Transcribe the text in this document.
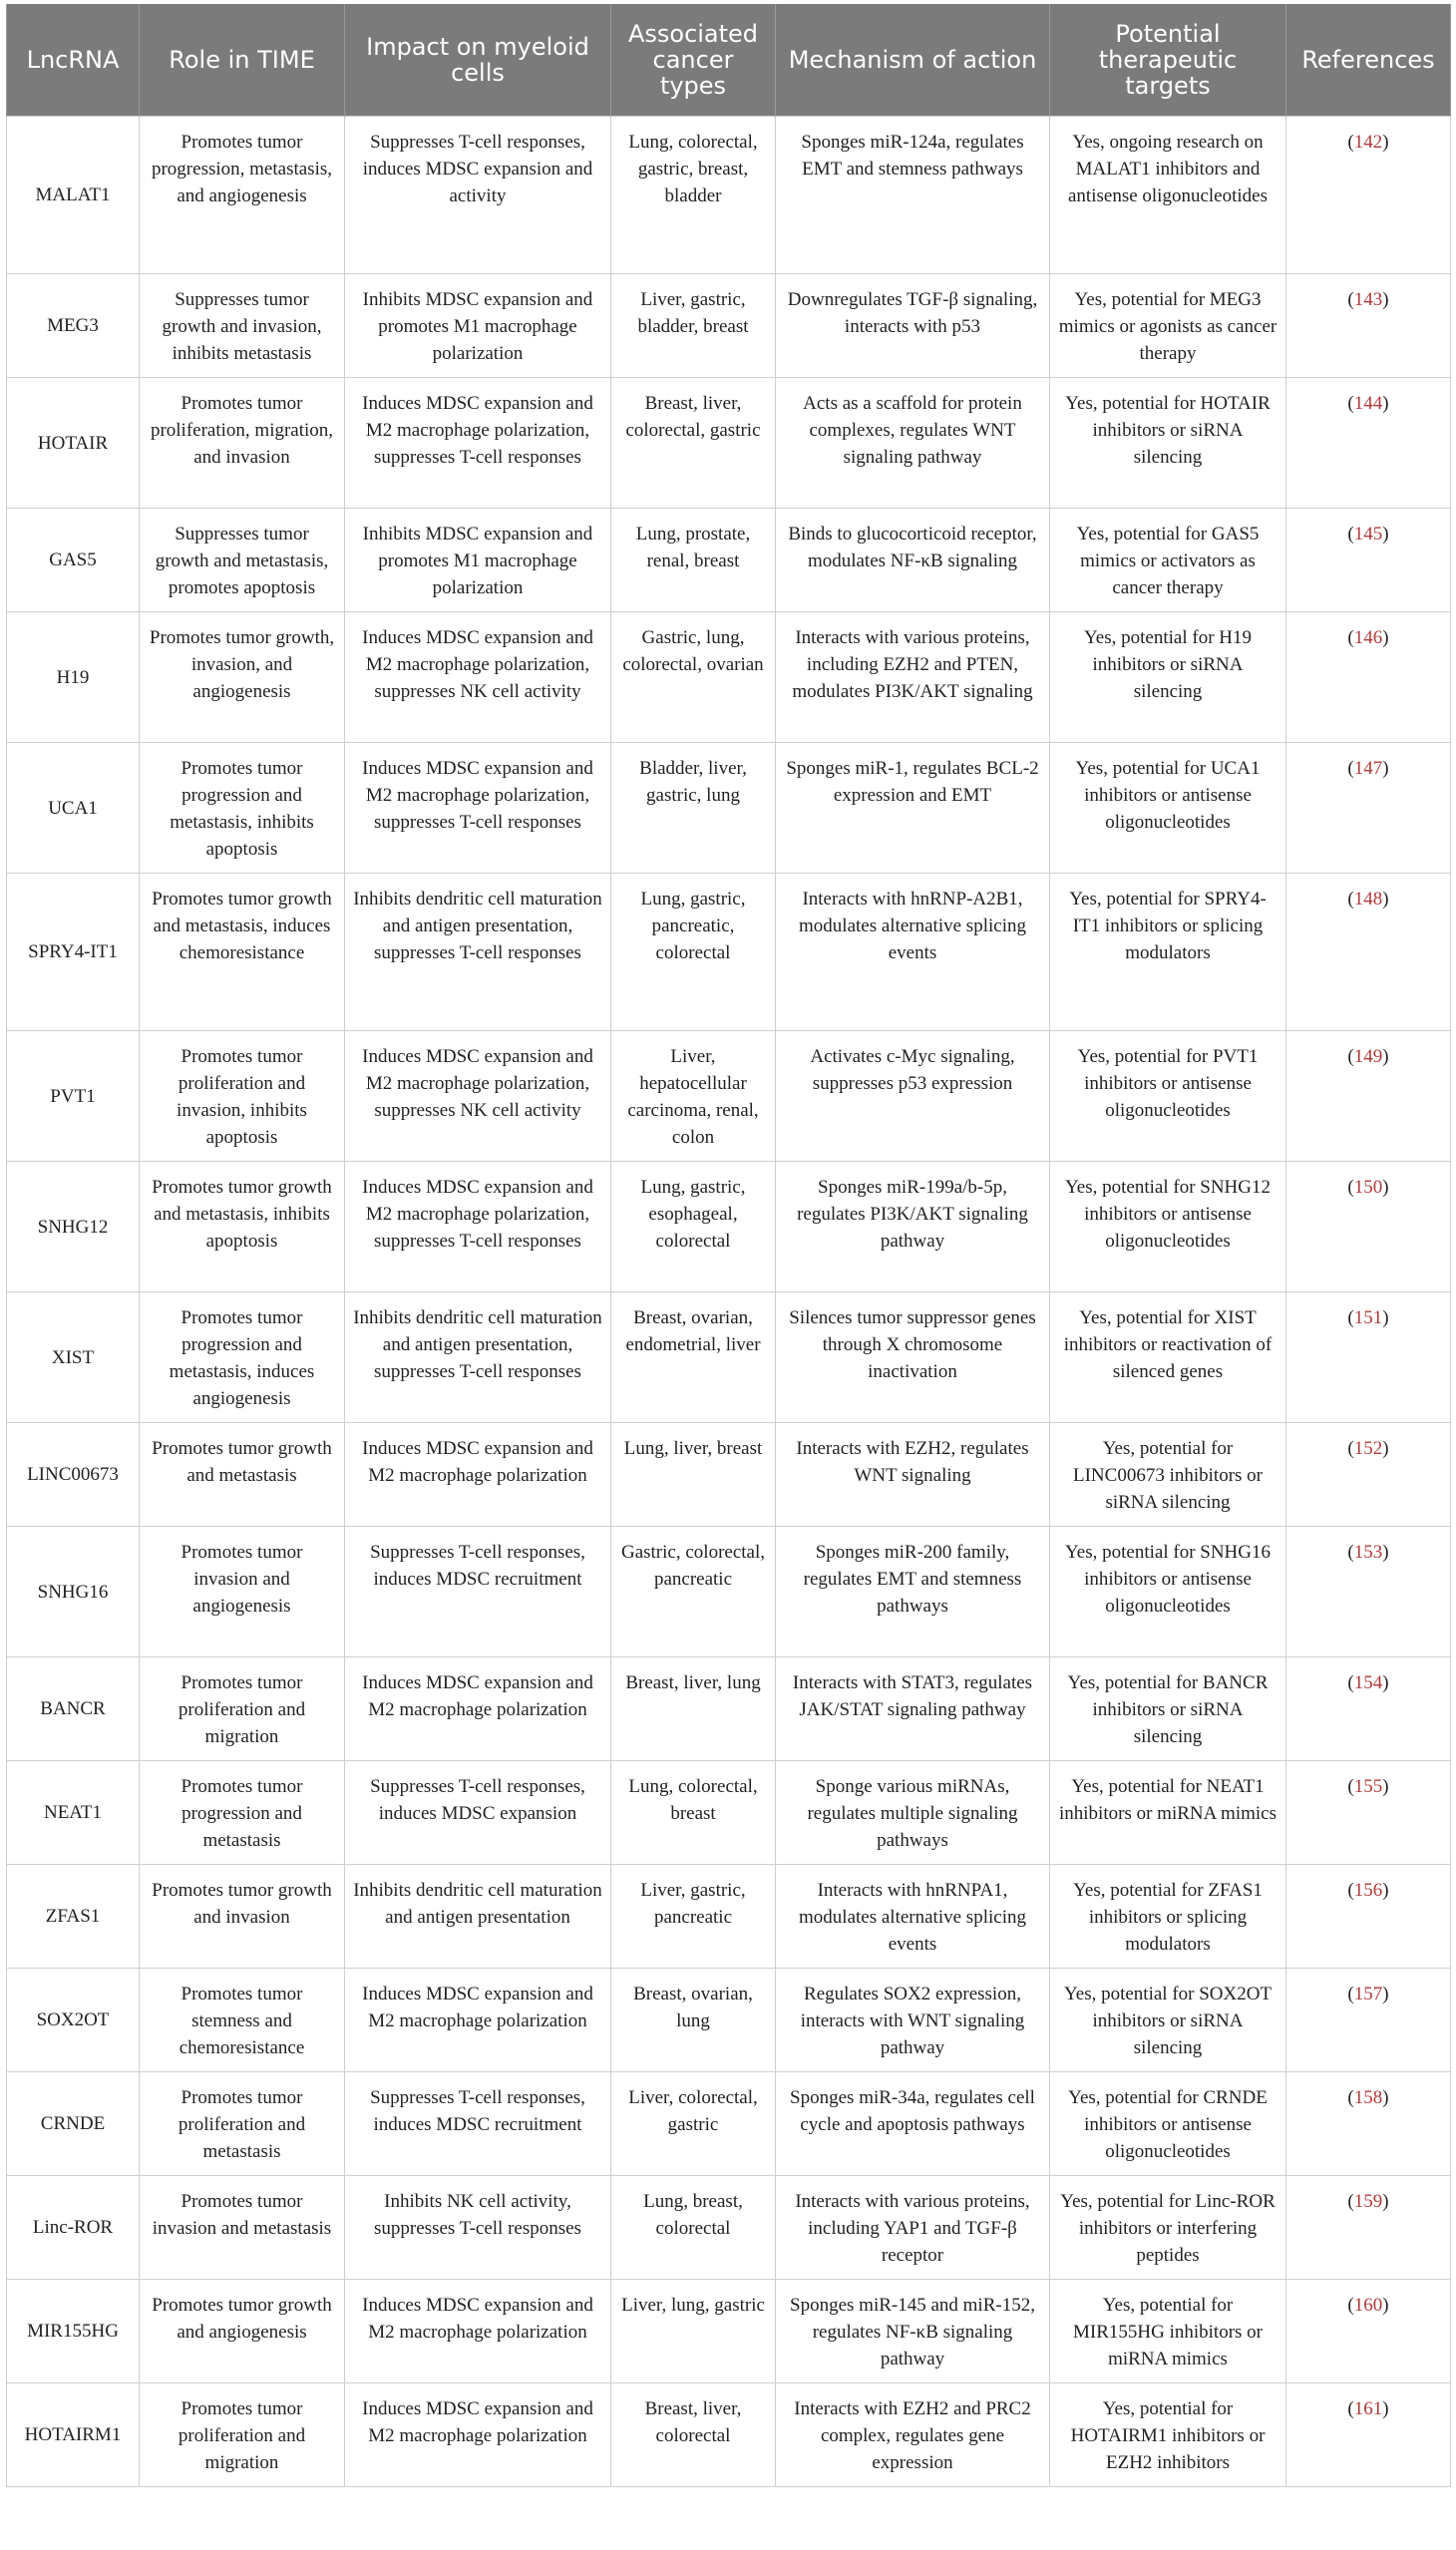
LncRNA	Role in TIME	Impact on myeloid cells	Associated cancer types	Mechanism of action	Potential therapeutic targets	References
MALAT1	Promotes tumor progression, metastasis, and angiogenesis	Suppresses T-cell responses, induces MDSC expansion and activity	Lung, colorectal, gastric, breast, bladder	Sponges miR-124a, regulates EMT and stemness pathways	Yes, ongoing research on MALAT1 inhibitors and antisense oligonucleotides	(142)
MEG3	Suppresses tumor growth and invasion, inhibits metastasis	Inhibits MDSC expansion and promotes M1 macrophage polarization	Liver, gastric, bladder, breast	Downregulates TGF-β signaling, interacts with p53	Yes, potential for MEG3 mimics or agonists as cancer therapy	(143)
HOTAIR	Promotes tumor proliferation, migration, and invasion	Induces MDSC expansion and M2 macrophage polarization, suppresses T-cell responses	Breast, liver, colorectal, gastric	Acts as a scaffold for protein complexes, regulates WNT signaling pathway	Yes, potential for HOTAIR inhibitors or siRNA silencing	(144)
GAS5	Suppresses tumor growth and metastasis, promotes apoptosis	Inhibits MDSC expansion and promotes M1 macrophage polarization	Lung, prostate, renal, breast	Binds to glucocorticoid receptor, modulates NF-κB signaling	Yes, potential for GAS5 mimics or activators as cancer therapy	(145)
H19	Promotes tumor growth, invasion, and angiogenesis	Induces MDSC expansion and M2 macrophage polarization, suppresses NK cell activity	Gastric, lung, colorectal, ovarian	Interacts with various proteins, including EZH2 and PTEN, modulates PI3K/AKT signaling	Yes, potential for H19 inhibitors or siRNA silencing	(146)
UCA1	Promotes tumor progression and metastasis, inhibits apoptosis	Induces MDSC expansion and M2 macrophage polarization, suppresses T-cell responses	Bladder, liver, gastric, lung	Sponges miR-1, regulates BCL-2 expression and EMT	Yes, potential for UCA1 inhibitors or antisense oligonucleotides	(147)
SPRY4-IT1	Promotes tumor growth and metastasis, induces chemoresistance	Inhibits dendritic cell maturation and antigen presentation, suppresses T-cell responses	Lung, gastric, pancreatic, colorectal	Interacts with hnRNP-A2B1, modulates alternative splicing events	Yes, potential for SPRY4-IT1 inhibitors or splicing modulators	(148)
PVT1	Promotes tumor proliferation and invasion, inhibits apoptosis	Induces MDSC expansion and M2 macrophage polarization, suppresses NK cell activity	Liver, hepatocellular carcinoma, renal, colon	Activates c-Myc signaling, suppresses p53 expression	Yes, potential for PVT1 inhibitors or antisense oligonucleotides	(149)
SNHG12	Promotes tumor growth and metastasis, inhibits apoptosis	Induces MDSC expansion and M2 macrophage polarization, suppresses T-cell responses	Lung, gastric, esophageal, colorectal	Sponges miR-199a/b-5p, regulates PI3K/AKT signaling pathway	Yes, potential for SNHG12 inhibitors or antisense oligonucleotides	(150)
XIST	Promotes tumor progression and metastasis, induces angiogenesis	Inhibits dendritic cell maturation and antigen presentation, suppresses T-cell responses	Breast, ovarian, endometrial, liver	Silences tumor suppressor genes through X chromosome inactivation	Yes, potential for XIST inhibitors or reactivation of silenced genes	(151)
LINC00673	Promotes tumor growth and metastasis	Induces MDSC expansion and M2 macrophage polarization	Lung, liver, breast	Interacts with EZH2, regulates WNT signaling	Yes, potential for LINC00673 inhibitors or siRNA silencing	(152)
SNHG16	Promotes tumor invasion and angiogenesis	Suppresses T-cell responses, induces MDSC recruitment	Gastric, colorectal, pancreatic	Sponges miR-200 family, regulates EMT and stemness pathways	Yes, potential for SNHG16 inhibitors or antisense oligonucleotides	(153)
BANCR	Promotes tumor proliferation and migration	Induces MDSC expansion and M2 macrophage polarization	Breast, liver, lung	Interacts with STAT3, regulates JAK/STAT signaling pathway	Yes, potential for BANCR inhibitors or siRNA silencing	(154)
NEAT1	Promotes tumor progression and metastasis	Suppresses T-cell responses, induces MDSC expansion	Lung, colorectal, breast	Sponge various miRNAs, regulates multiple signaling pathways	Yes, potential for NEAT1 inhibitors or miRNA mimics	(155)
ZFAS1	Promotes tumor growth and invasion	Inhibits dendritic cell maturation and antigen presentation	Liver, gastric, pancreatic	Interacts with hnRNPA1, modulates alternative splicing events	Yes, potential for ZFAS1 inhibitors or splicing modulators	(156)
SOX2OT	Promotes tumor stemness and chemoresistance	Induces MDSC expansion and M2 macrophage polarization	Breast, ovarian, lung	Regulates SOX2 expression, interacts with WNT signaling pathway	Yes, potential for SOX2OT inhibitors or siRNA silencing	(157)
CRNDE	Promotes tumor proliferation and metastasis	Suppresses T-cell responses, induces MDSC recruitment	Liver, colorectal, gastric	Sponges miR-34a, regulates cell cycle and apoptosis pathways	Yes, potential for CRNDE inhibitors or antisense oligonucleotides	(158)
Linc-ROR	Promotes tumor invasion and metastasis	Inhibits NK cell activity, suppresses T-cell responses	Lung, breast, colorectal	Interacts with various proteins, including YAP1 and TGF-β receptor	Yes, potential for Linc-ROR inhibitors or interfering peptides	(159)
MIR155HG	Promotes tumor growth and angiogenesis	Induces MDSC expansion and M2 macrophage polarization	Liver, lung, gastric	Sponges miR-145 and miR-152, regulates NF-κB signaling pathway	Yes, potential for MIR155HG inhibitors or miRNA mimics	(160)
HOTAIRM1	Promotes tumor proliferation and migration	Induces MDSC expansion and M2 macrophage polarization	Breast, liver, colorectal	Interacts with EZH2 and PRC2 complex, regulates gene expression	Yes, potential for HOTAIRM1 inhibitors or EZH2 inhibitors	(161)
